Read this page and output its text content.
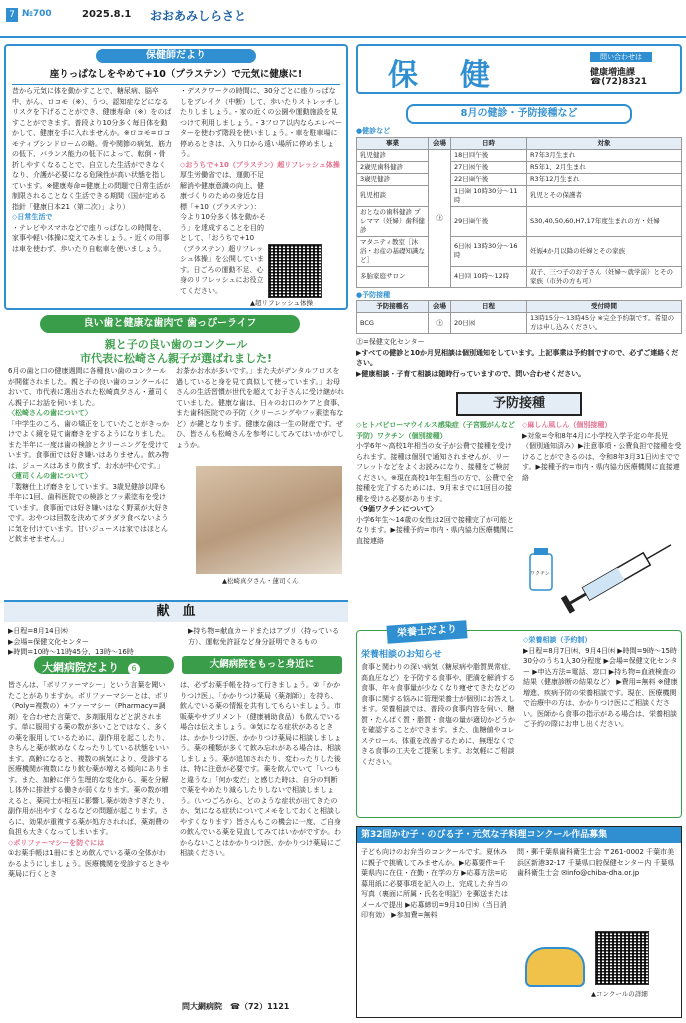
7 №700	2025.8.1 おおあみしらさと
保健師だより
座りっぱなしをやめて+10（プラステン）で元気に健康に!
昔から元気に体を動かすことで、糖尿病、脳卒中、がん、ロコモ（※）、うつ、認知症などになるリスクを下げることができ、健康寿命（※）をのばすことができます。普段より10分多く毎日体を動かして、健康を手に入れませんか。※ロコモ=ロコモティブシンドロームの略。骨や関節の病気、筋力の低下、バランス能力の低下によって、転倒・骨折しやすくなることで、自立した生活ができなくなり、介護が必要になる危険性が高い状態を指しています。※健康寿命=健康上の問題で日常生活が制限されることなく生活できる期間（国が定める指針「健康日本21（第二次）」より）
◇日常生活で
・テレビやスマホなどで座りっぱなしの時間を、家事や軽い体操に変えてみましょう。・近くの用事は車を使わず、歩いたり自転車を使いましょう。
・デスクワークの時間に、30分ごとに座りっぱなしをブレイク（中断）して、歩いたりストレッチしたりしましょう。・家の近くの公園や運動施設を見つけて利用しましょう。・3フロア以内ならエレベーターを使わず階段を使いましょう。・車を駐車場に停めるときは、入り口から遠い場所に停めましょう。
◇おうちで+10（プラステン）超リフレッシュ体操
厚生労働省では、運動不足解消や健康意識の向上、健康づくりのための身近な目標「+10（プラステン）：今より10分多く体を動かそう」を達成することを目的として、「おうちで+10（プラステン）超リフレッシュ体操」を公開しています。日ごろの運動不足、心身のリフレッシュにお役立てください。
▲超リフレッシュ体操
良い歯と健康な歯肉で 歯っぴーライフ
親と子の良い歯のコンクール
市代表に松崎さん親子が選ばれました!
6月の歯と口の健康週間に各種良い歯のコンクールが開催されました。親と子の良い歯のコンクールにおいて、市代表に選出された松崎真夕さん・蓮司くん親子にお話を伺いました。
〈松崎さんの歯について〉
「中学生のころ、歯の矯正をしていたことがきっかけでよく鏡を見て歯磨きをするようになりました。また半年に一度は歯の検診とクリーニングを受けています。食事面では好き嫌いはありません。飲み物は、ジュースはあまり飲まず、お水が中心です。」
〈蓮司くんの歯について〉
「製糖仕上げ磨きをしています。3歳児健診以降も半年に1回、歯科医院での検診とフッ素塗布を受けています。食事面では好き嫌いはなく野菜が大好きです。おやつは回数を決めてダラダラ食べないように気を付けています。甘いジュースは家ではほとんど飲ませません。」
お茶かお水が多いです。」また夫がデンタルフロスを過していると身を見て真似して使っています。」お母さんの生活習慣が世代を超えてお子さんに受け継がれていました。健康な歯は、日々のお口のケアと食事、また歯科医院での予防（クリーニングやフッ素塗布など）が鍵となります。健康な歯は一生の財産です。ぜひ、皆さんも松崎さんを参考にしてみてはいかがでしょうか。
▲松崎真夕さん・蓮司くん
献　血
▶日程=8月14日㈭
▶会場=保健文化センター
▶時間=10時～11時45分、13時～16時
▶持ち物=献血カードまたはアプリ（持っている方）、運転免許証など身分証明できるもの
大網病院だより 6	大網病院をもっと身近に
皆さんは、「ポリファーマシー」という言葉を聞いたことがありますか。ポリファーマシーとは、ポリ（Poly=複数の）+ファーマシー（Pharmacy=調剤）を合わせた言葉で、多剤服用などと訳されます。単に服用する薬の数が多いことではなく、多くの薬を服用しているために、副作用を起こしたり、きちんと薬が飲めなくなったりしている状態をいいます。高齢になると、複数の病気により、受診する医療機関が複数になり飲む薬が増える傾向にあります。また、加齢に伴う生理的な変化から、薬を分解し体外に排泄する働きが弱くなります。薬の数が増えると、薬同士が相互に影響し薬が効きすぎたり、副作用が出やすくなるなどの問題が起こります。さらに、効果が重複する薬が処方されれば、薬剤費の負担も大きくなってしまいます。
◇ポリファーマシーを防ぐには
①お薬手帳は1冊にまとめ飲んでいる薬の全体がわかるようにしましょう。医療機関を受診するときや薬局に行くとき
は、必ずお薬手帳を持って行きましょう。②「かかりつけ医」、「かかりつけ薬局（薬剤師）」を持ち、飲んでいる薬の情報を共有してもらいましょう。市販薬やサプリメント（健康補助食品）も飲んでいる場合は伝えましょう。③気になる症状があるときは、かかりつけ医、かかりつけ薬局に相談しましょう。薬の種類が多くて飲み忘れがある場合は、相談しましょう。薬が追加されたり、変わったりした後は、特に注意が必要です。薬を飲んでいて「いつもと違うな」「何か変だ」と感じた時は、自分の判断で薬をやめたり減らしたりしないで相談しましょう。（いつごろから、どのような症状が出てきたのか、気になる症状についてメモをしておくと相談しやすくなります）皆さんもこの機会に一度、ご自身の飲んでいる薬を見直してみてはいかがですか。わからないことはかかりつけ医、かかりつけ薬局にご相談ください。
問大網病院　☎（72）1121
保　健
問い合わせは
健康増進課
☎(72)8321
8月の健診・予防接種など
●健診など
事業	会場	日時	対象
乳児健診	㊤	18日㈪午後	R7年3月生まれ
2歳児歯科健診		27日㈬午後	R5年1、2月生まれ
3歳児健診		22日㈮午後	R3年12月生まれ
乳児相談		1日㈮ 10時30分～11時	乳児とその保護者
おとなの歯科健診 プレママ（妊婦）歯科健診		29日㈮午後	S30,40,50,60,H7,17年度生まれの方・妊婦
マタニティ教室［沐浴・お産の基礎知識など］		6日㈬ 13時30分～16時	妊娠4か月以降の妊婦とその家族
多胎家庭サロン		4日㈪ 10時～12時	双子、三つ子のお子さん（妊婦～就学前）とその家族（市外の方も可）
●予防接種
予防接種名	会場	日程	受付時間
BCG	㊤	20日㈬	13時15分～13時45分 ※完全予約制です。希望の方は申し込みください。
㊤=保健文化センター
▶すべての健診と10か月児相談は個別通知をしています。上記事業は予約制ですので、必ずご連絡ください。
▶健康相談・子育て相談は随時行っていますので、問い合わせください。
予防接種
◇ヒトパピローマウイルス感染症（子宮頸がんなど予防）ワクチン（個別接種）
小学6年～高校1年相当の女子が公費で接種を受けられます。接種は個別で通知されませんが、リーフレットなどをよくお読みになり、接種をご検討ください。※現在高校1年生相当の方で、公費で全接種を完了するためには、9月末までに1回目の接種を受ける必要があります。
〈9価ワクチンについて〉
小学6年生～14歳の女性は2回で接種完了が可能となります。▶接種予約=市内・県内協力医療機関に直接連絡
◇麻しん風しん（個別接種）
▶対象=令和8年4月に小学校入学予定の年長児（個別通知済み）▶注意事項・公費負担で接種を受けることができるのは、令和8年3月31日㈫までです。▶接種予約=市内・県内協力医療機関に直接連絡
ワクチン
栄養士だより
栄養相談のお知らせ
食事と関わりの深い病気（糖尿病や脂質異常症、高血圧など）を予防する食事や、肥満を解消する食事、年々食事量が少なくなり痩せてきたなどの食事に関する悩みに管理栄養士が個別にお答えします。栄養相談では、普段の食事内容を伺い、糖質・たんぱく質・脂質・食塩の量が適切かどうかを確認することができます。また、血糖値やコレステロール、体重を改善するために、無理なくできる食事の工夫をご提案します。お気軽にご相談ください。
◇栄養相談（予約制）
▶日程=8月7日㈭、9月4日㈭ ▶時間=9時～15時30分のうち1人30分程度 ▶会場=保健文化センター ▶申込方法=電話、窓口 ▶持ち物=血液検査の結果（健康診断の結果など） ▶費用=無料 ※健康増進、疾病予防の栄養相談です。現在、医療機関で治療中の方は、かかりつけ医にご相談ください。医師から食事の指示がある場合は、栄養相談ご予約の際にお申し出ください。
第32回かむ子・のびる子・元気な子料理コンクール作品募集
子ども向けのお弁当のコンクールです。夏休みに親子で挑戦してみませんか。▶応募要件=千葉県内に在住・在勤・在学の方 ▶応募方法=応募用紙に必要事項を記入の上、完成した弁当の写真（裏面に所属・氏名を明記）を郵送またはメールで提出 ▶応募締切=9月10日㈬（当日消印有効） ▶参加費=無料
問・郵千葉県歯科衛生士会 〒261-0002 千葉市美浜区新港32-17 千葉県口腔保健センター内 千葉県歯科衛生士会 ✉info@chiba-dha.or.jp
▲コンクールの詳細
